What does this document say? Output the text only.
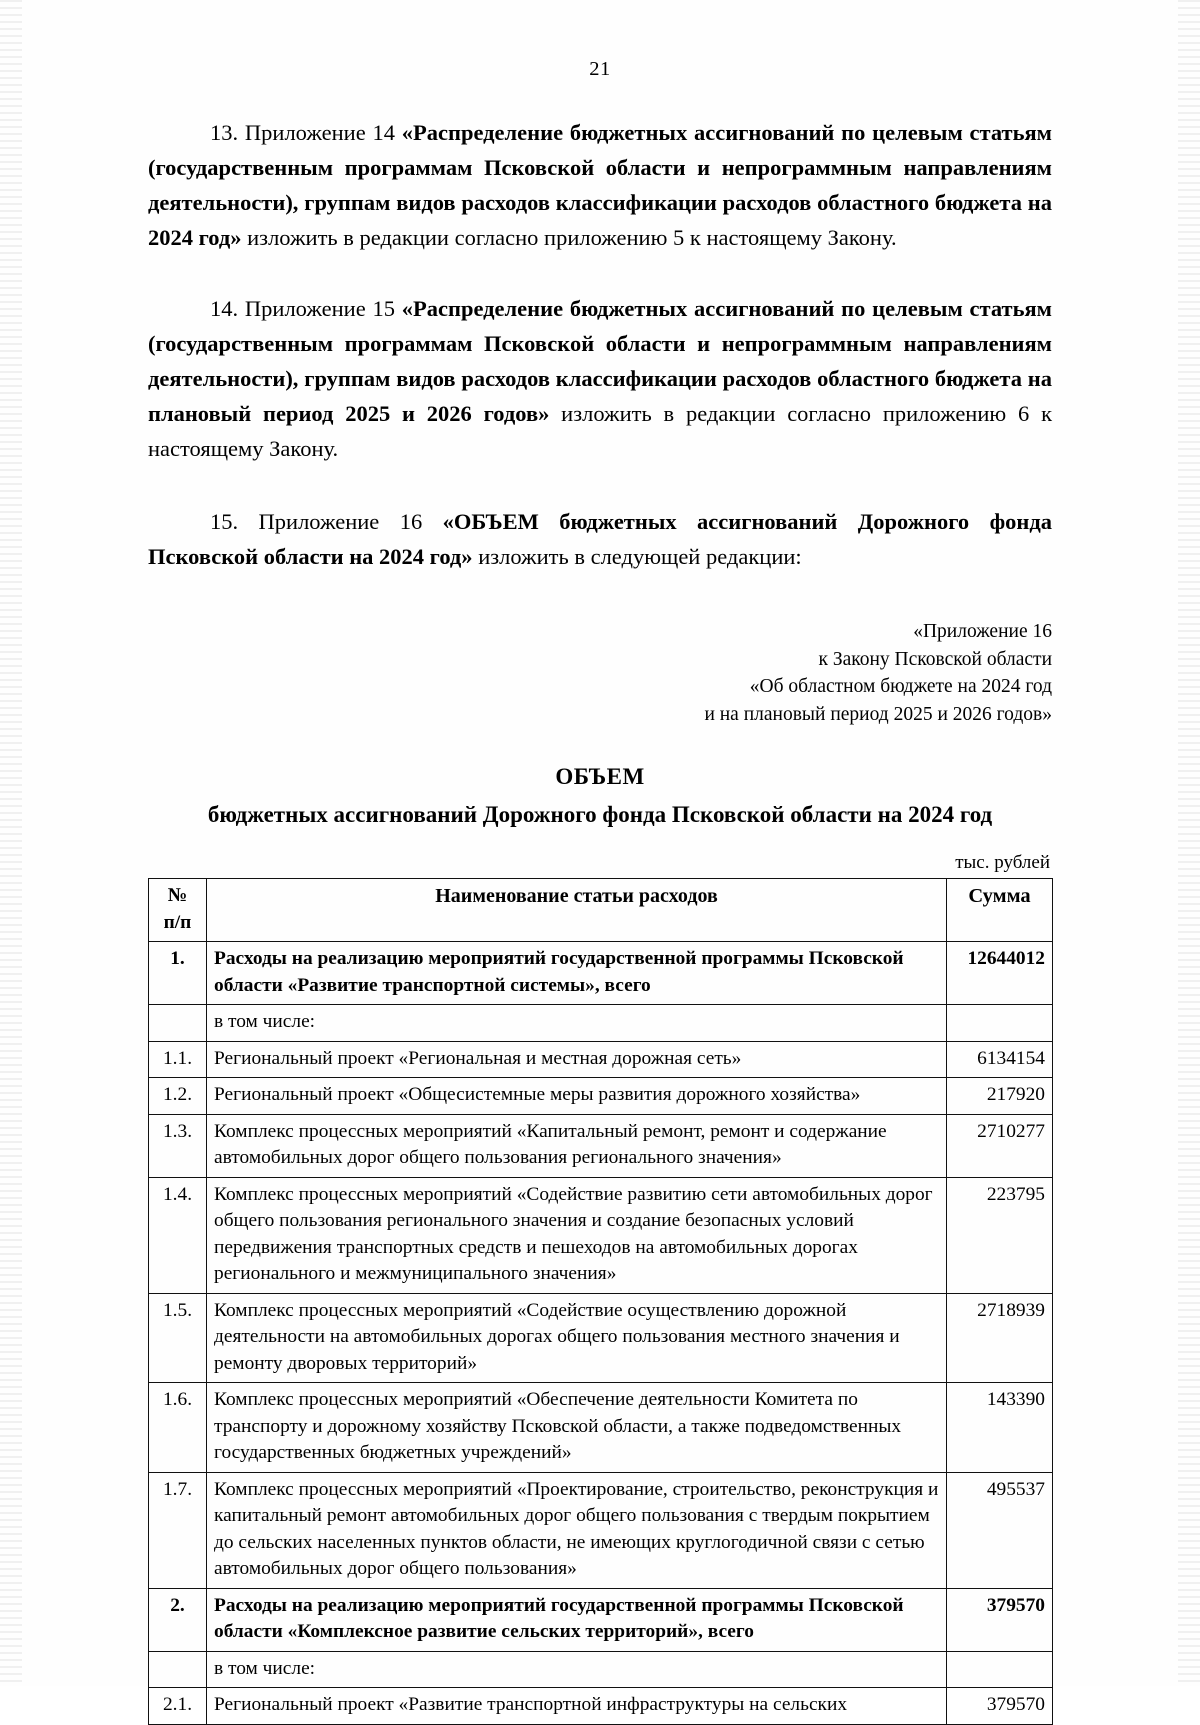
21

13. Приложение 14 «Распределение бюджетных ассигнований по целевым статьям (государственным программам Псковской области и непрограммным направлениям деятельности), группам видов расходов классификации расходов областного бюджета на 2024 год» изложить в редакции согласно приложению 5 к настоящему Закону.

14. Приложение 15 «Распределение бюджетных ассигнований по целевым статьям (государственным программам Псковской области и непрограммным направлениям деятельности), группам видов расходов классификации расходов областного бюджета на плановый период 2025 и 2026 годов» изложить в редакции согласно приложению 6 к настоящему Закону.

15. Приложение 16 «ОБЪЕМ бюджетных ассигнований Дорожного фонда Псковской области на 2024 год» изложить в следующей редакции:

«Приложение 16
к Закону Псковской области
«Об областном бюджете на 2024 год
и на плановый период 2025 и 2026 годов»
ОБЪЕМ
бюджетных ассигнований Дорожного фонда Псковской области на 2024 год
тыс. рублей
№
п/п	Наименование статьи расходов	Сумма
1.	Расходы на реализацию мероприятий государственной программы Псковской области «Развитие транспортной системы», всего	12644012
	в том числе:	
1.1.	Региональный проект «Региональная и местная дорожная сеть»	6134154
1.2.	Региональный проект «Общесистемные меры развития дорожного хозяйства»	217920
1.3.	Комплекс процессных мероприятий «Капитальный ремонт, ремонт и содержание автомобильных дорог общего пользования регионального значения»	2710277
1.4.	Комплекс процессных мероприятий «Содействие развитию сети автомобильных дорог общего пользования регионального значения и создание безопасных условий передвижения транспортных средств и пешеходов на автомобильных дорогах регионального и межмуниципального значения»	223795
1.5.	Комплекс процессных мероприятий «Содействие осуществлению дорожной деятельности на автомобильных дорогах общего пользования местного значения и ремонту дворовых территорий»	2718939
1.6.	Комплекс процессных мероприятий «Обеспечение деятельности Комитета по транспорту и дорожному хозяйству Псковской области, а также подведомственных государственных бюджетных учреждений»	143390
1.7.	Комплекс процессных мероприятий «Проектирование, строительство, реконструкция и капитальный ремонт автомобильных дорог общего пользования с твердым покрытием до сельских населенных пунктов области, не имеющих круглогодичной связи с сетью автомобильных дорог общего пользования»	495537
2.	Расходы на реализацию мероприятий государственной программы Псковской области «Комплексное развитие сельских территорий», всего	379570
	в том числе:	
2.1.	Региональный проект «Развитие транспортной инфраструктуры на сельских	379570
